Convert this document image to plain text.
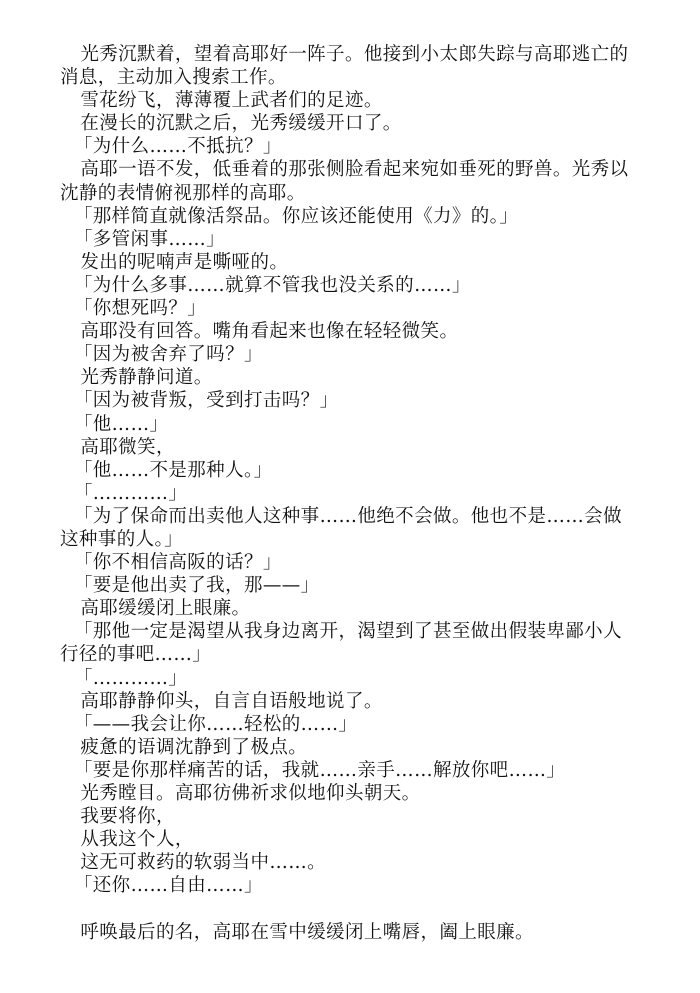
光秀沉默着，望着高耶好一阵子。他接到小太郎失踪与高耶逃亡的消息，主动加入搜索工作。

雪花纷飞，薄薄覆上武者们的足迹。

在漫长的沉默之后，光秀缓缓开口了。

「为什么……不抵抗？」

高耶一语不发，低垂着的那张侧脸看起来宛如垂死的野兽。光秀以沈静的表情俯视那样的高耶。

「那样简直就像活祭品。你应该还能使用《力》的。」

「多管闲事……」

发出的呢喃声是嘶哑的。

「为什么多事……就算不管我也没关系的……」

「你想死吗？」

高耶没有回答。嘴角看起来也像在轻轻微笑。

「因为被舍弃了吗？」

光秀静静问道。

「因为被背叛，受到打击吗？」

「他……」

高耶微笑，

「他……不是那种人。」

「…………」

「为了保命而出卖他人这种事……他绝不会做。他也不是……会做这种事的人。」

「你不相信高阪的话？」

「要是他出卖了我，那——」

高耶缓缓闭上眼廉。

「那他一定是渴望从我身边离开，渴望到了甚至做出假装卑鄙小人行径的事吧……」

「…………」

高耶静静仰头，自言自语般地说了。

「——我会让你……轻松的……」

疲惫的语调沈静到了极点。

「要是你那样痛苦的话，我就……亲手……解放你吧……」

光秀瞠目。高耶彷佛祈求似地仰头朝天。

我要将你，

从我这个人，

这无可救药的软弱当中……。

「还你……自由……」

呼唤最后的名，高耶在雪中缓缓闭上嘴唇，阖上眼廉。
